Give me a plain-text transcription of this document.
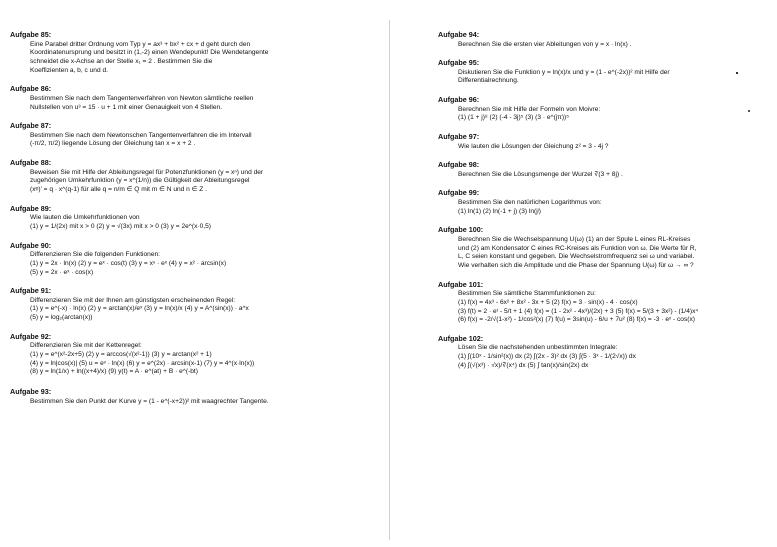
Aufgabe 85:
Eine Parabel dritter Ordnung vom Typ y = ax³ + bx² + cx + d geht durch den
Koordinatenursprung und besitzt in (1,-2) einen Wendepunkt! Die Wendetangente
schneidet die x-Achse an der Stelle x₁ = 2 . Bestimmen Sie die
Koeffizienten a, b, c und d.
Aufgabe 86:
Bestimmen Sie nach dem Tangentenverfahren von Newton sämtliche reellen
Nullstellen von u³ = 15 · u + 1 mit einer Genauigkeit von 4 Stellen.
Aufgabe 87:
Bestimmen Sie nach dem Newtonschen Tangentenverfahren die im Intervall
(-π/2, π/2) liegende Lösung der Gleichung tan x = x + 2 .
Aufgabe 88:
Beweisen Sie mit Hilfe der Ableitungsregel für Potenzfunktionen (y = xⁿ) und der
zugehörigen Umkehrfunktion (y = x^(1/n)) die Gültigkeit der Ableitungsregel
(xᵠ)' = q · x^(q-1) für alle q = n/m ∈ Q mit m ∈ N und n ∈ Z .
Aufgabe 89:
Wie lauten die Umkehrfunktionen von
(1) y = 1/(2x) mit x > 0 (2) y = √(3x) mit x > 0 (3) y = 2e^(x·0,5)
Aufgabe 90:
Differenzieren Sie die folgenden Funktionen:
(1) y = 2x · ln(x) (2) y = eˣ · cos(t) (3) y = xⁿ · eˣ (4) y = x² · arcsin(x)
(5) y = 2x · eˣ · cos(x)
Aufgabe 91:
Differenzieren Sie mit der Ihnen am günstigsten erscheinenden Regel:
(1) y = e^(-x) · ln(x) (2) y = arctan(x)/eˣ (3) y = ln(x)/x (4) y = A^(sin(x)) · a^x
(5) y = log₂(arctan(x))
Aufgabe 92:
Differenzieren Sie mit der Kettenregel:
(1) y = e^(x²-2x+5) (2) y = arccos(√(x²-1)) (3) y = arctan(x² + 1)
(4) y = ln|cos(x)| (5) u = eᵛ · ln(x) (6) y = e^(2x) · arcsin(x-1) (7) y = 4^(x·ln(x))
(8) y = ln(1/x) + ln((x+4)/x) (9) y(t) = A · e^(at) + B · e^(-bt)
Aufgabe 93:
Bestimmen Sie den Punkt der Kurve y = (1 - e^(-x+2))² mit waagrechter Tangente.
Aufgabe 94:
Berechnen Sie die ersten vier Ableitungen von y = x · ln(x) .
Aufgabe 95:
Diskutieren Sie die Funktion y = ln(x)/x und y = (1 - e^(-2x))² mit Hilfe der
Differentialrechnung.
Aufgabe 96:
Berechnen Sie mit Hilfe der Formeln von Moivre:
(1) (1 + j)⁸ (2) (-4 - 3j)⁵ (3) (3 · e^(jπ))⁵
Aufgabe 97:
Wie lauten die Lösungen der Gleichung z² = 3 - 4j ?
Aufgabe 98:
Berechnen Sie die Lösungsmenge der Wurzel ∜(3 + 8j) .
Aufgabe 99:
Bestimmen Sie den natürlichen Logarithmus von:
(1) ln(1) (2) ln(-1 + j) (3) ln(jʲ)
Aufgabe 100:
Berechnen Sie die Wechselspannung U(ω) (1) an der Spule L eines RL-Kreises
und (2) am Kondensator C eines RC-Kreises als Funktion von ω. Die Werte für R,
L, C seien konstant und gegeben. Die Wechselstromfrequenz sei ω und variabel.
Wie verhalten sich die Amplitude und die Phase der Spannung U(ω) für ω → ∞ ?
Aufgabe 101:
Bestimmen Sie sämtliche Stammfunktionen zu:
(1) f(x) = 4x³ - 6x² + 8x² - 3x + 5 (2) f(x) = 3 · sin(x) - 4 · cos(x)
(3) f(t) = 2 · eᵗ - 5/t + 1 (4) f(x) = (1 - 2x² - 4x³)/(2x) + 3 (5) f(x) = 5/(3 + 3x²) - (1/4)x⁴
(6) f(x) = -2/√(1-x²) - 1/cos²(x) (7) f(u) = 3sin(u) - 6/u + 7u² (8) f(x) = -3 · eˣ - cos(x)
Aufgabe 102:
Lösen Sie die nachstehenden unbestimmten Integrale:
(1) ∫(10ˣ - 1/sin²(x)) dx (2) ∫(2x - 3)² dx (3) ∫(5 · 3ˣ - 1/(2√x)) dx
(4) ∫(√(x³) · √x)/∜(x⁴) dx (5) ∫ tan(x)/sin(2x) dx
